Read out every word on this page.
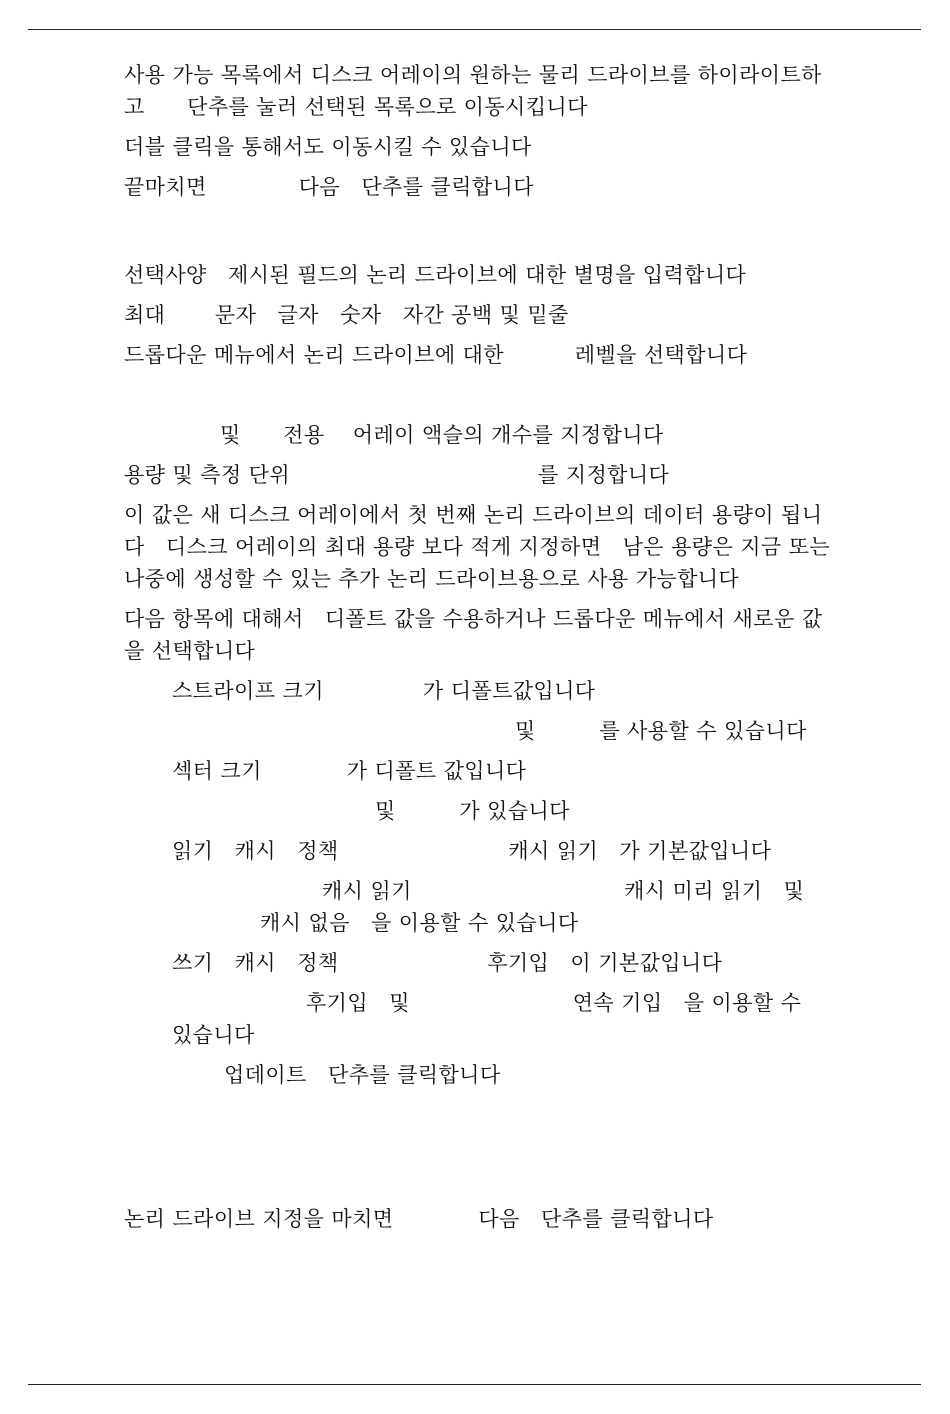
사용 가능 목록에서 디스크 어레이의 원하는 물리 드라이브를 하이라이트하

고      단추를 눌러 선택된 목록으로 이동시킵니다

더블 클릭을 통해서도 이동시킬 수 있습니다

끝마치면             다음   단추를 클릭합니다

선택사양   제시된 필드의 논리 드라이브에 대한 별명을 입력합니다

최대       문자   글자   숫자   자간 공백 및 밑줄

드롭다운 메뉴에서 논리 드라이브에 대한          레벨을 선택합니다

및      전용    어레이 액슬의 개수를 지정합니다

용량 및 측정 단위	를 지정합니다

이 값은 새 디스크 어레이에서 첫 번째 논리 드라이브의 데이터 용량이 됩니

다   디스크 어레이의 최대 용량 보다 적게 지정하면   남은 용량은 지금 또는

나중에 생성할 수 있는 추가 논리 드라이브용으로 사용 가능합니다

다음 항목에 대해서   디폴트 값을 수용하거나 드롭다운 메뉴에서 새로운 값

을 선택합니다

스트라이프 크기              가 디폴트값입니다

및         를 사용할 수 있습니다

섹터 크기            가 디폴트 값입니다

및         가 있습니다

읽기   캐시   정책                        캐시 읽기   가 기본값입니다

캐시 읽기                              캐시 미리 읽기   및

캐시 없음   을 이용할 수 있습니다

쓰기   캐시   정책                     후기입   이 기본값입니다

후기입   및                       연속 기입   을 이용할 수

있습니다

업데이트   단추를 클릭합니다

논리 드라이브 지정을 마치면            다음   단추를 클릭합니다
